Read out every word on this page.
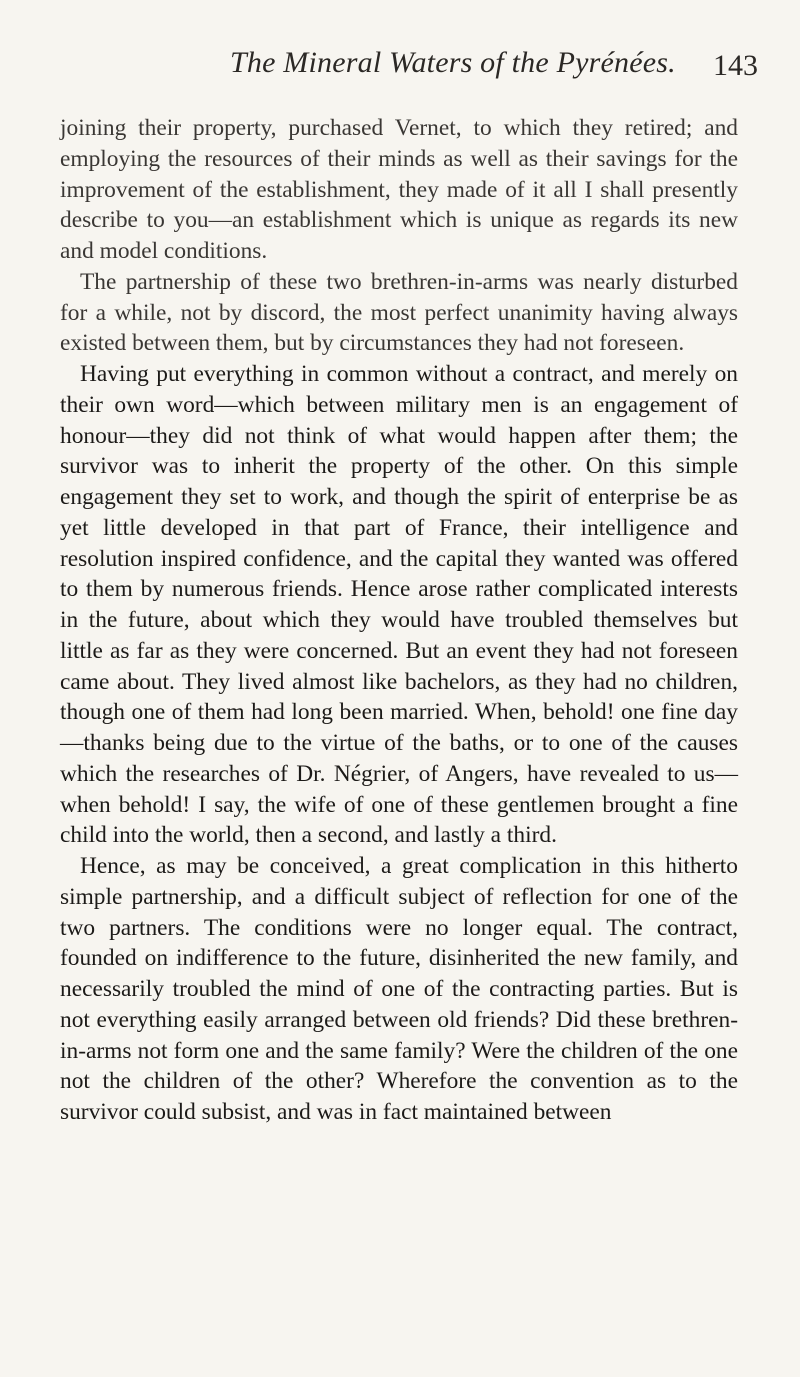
The Mineral Waters of the Pyrénées. 143

joining their property, purchased Vernet, to which they retired; and employing the resources of their minds as well as their savings for the improvement of the establishment, they made of it all I shall presently describe to you—an establishment which is unique as regards its new and model conditions.

The partnership of these two brethren-in-arms was nearly disturbed for a while, not by discord, the most perfect unanimity having always existed between them, but by circumstances they had not foreseen.

Having put everything in common without a contract, and merely on their own word—which between military men is an engagement of honour—they did not think of what would happen after them; the survivor was to inherit the property of the other. On this simple engagement they set to work, and though the spirit of enterprise be as yet little developed in that part of France, their intelligence and resolution inspired confidence, and the capital they wanted was offered to them by numerous friends. Hence arose rather complicated interests in the future, about which they would have troubled themselves but little as far as they were concerned. But an event they had not foreseen came about. They lived almost like bachelors, as they had no children, though one of them had long been married. When, behold! one fine day—thanks being due to the virtue of the baths, or to one of the causes which the researches of Dr. Négrier, of Angers, have revealed to us—when behold! I say, the wife of one of these gentlemen brought a fine child into the world, then a second, and lastly a third.

Hence, as may be conceived, a great complication in this hitherto simple partnership, and a difficult subject of reflection for one of the two partners. The conditions were no longer equal. The contract, founded on indifference to the future, disinherited the new family, and necessarily troubled the mind of one of the contracting parties. But is not everything easily arranged between old friends? Did these brethren-in-arms not form one and the same family? Were the children of the one not the children of the other? Wherefore the convention as to the survivor could subsist, and was in fact maintained between
